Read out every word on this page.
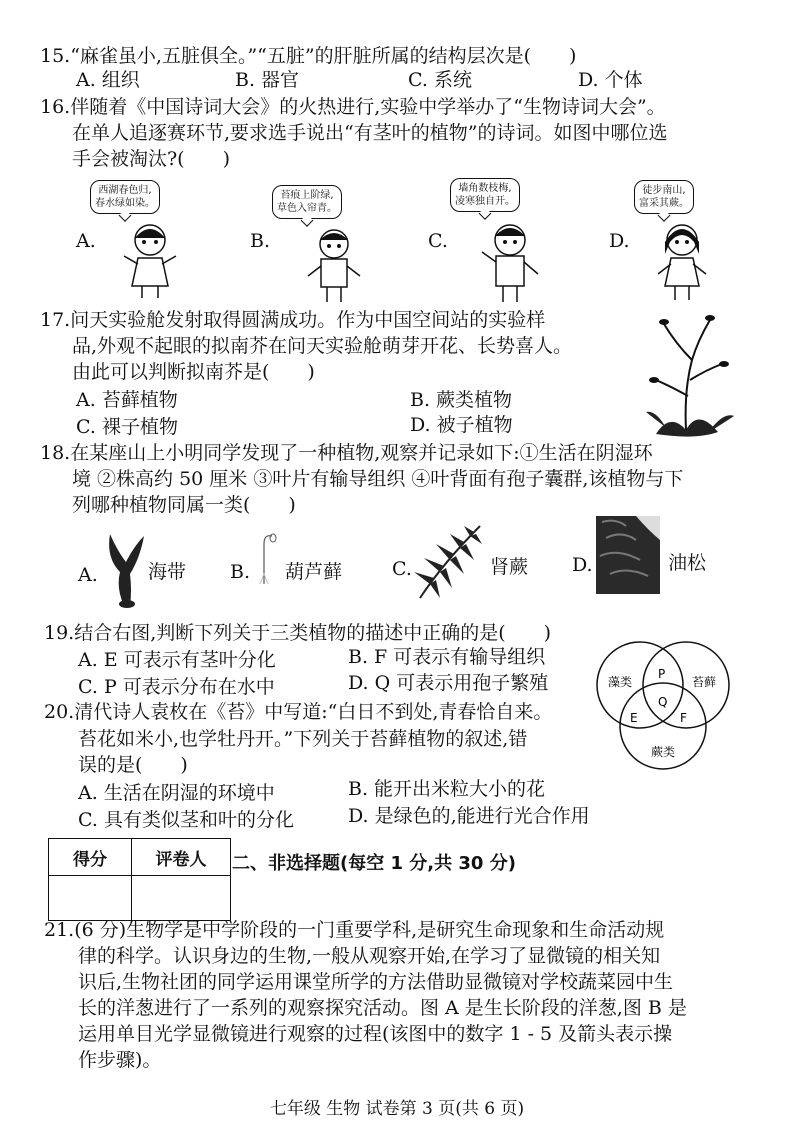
15.“麻雀虽小,五脏俱全。”“五脏”的肝脏所属的结构层次是(　　)
A. 组织	B. 器官	C. 系统	D. 个体
16.伴随着《中国诗词大会》的火热进行,实验中学举办了“生物诗词大会”。
在单人追逐赛环节,要求选手说出“有茎叶的植物”的诗词。如图中哪位选
手会被淘汰?(　　)
A.
西湖春色归,
春水绿如染。
B.
苔痕上阶绿,
草色入帘青。
C.
墙角数枝梅,
凌寒独自开。
D.
徒步南山,
富采其蕨。
17.问天实验舱发射取得圆满成功。作为中国空间站的实验样
品,外观不起眼的拟南芥在问天实验舱萌芽开花、长势喜人。
由此可以判断拟南芥是(　　)
A. 苔藓植物	B. 蕨类植物
C. 裸子植物	D. 被子植物
18.在某座山上小明同学发现了一种植物,观察并记录如下:①生活在阴湿环
境 ②株高约 50 厘米 ③叶片有输导组织 ④叶背面有孢子囊群,该植物与下
列哪种植物同属一类(　　)
A.	海带 B. 葫芦藓	C.	肾蕨 D.	油松
19.结合右图,判断下列关于三类植物的描述中正确的是(　　)
A. E 可表示有茎叶分化	B. F 可表示有输导组织
C. P 可表示分布在水中	D. Q 可表示用孢子繁殖	藻类	苔藓
蕨类
P
Q
E	F
20.清代诗人袁枚在《苔》中写道:“白日不到处,青春恰自来。
苔花如米小,也学牡丹开。”下列关于苔藓植物的叙述,错
误的是(　　)
A. 生活在阴湿的环境中	B. 能开出米粒大小的花
C. 具有类似茎和叶的分化	D. 是绿色的,能进行光合作用
得分	评卷人
	二、非选择题(每空 1 分,共 30 分)
21.(6 分)生物学是中学阶段的一门重要学科,是研究生命现象和生命活动规
律的科学。认识身边的生物,一般从观察开始,在学习了显微镜的相关知
识后,生物社团的同学运用课堂所学的方法借助显微镜对学校蔬菜园中生
长的洋葱进行了一系列的观察探究活动。图 A 是生长阶段的洋葱,图 B 是
运用单目光学显微镜进行观察的过程(该图中的数字 1 - 5 及箭头表示操
作步骤)。
七年级 生物 试卷第 3 页(共 6 页)
